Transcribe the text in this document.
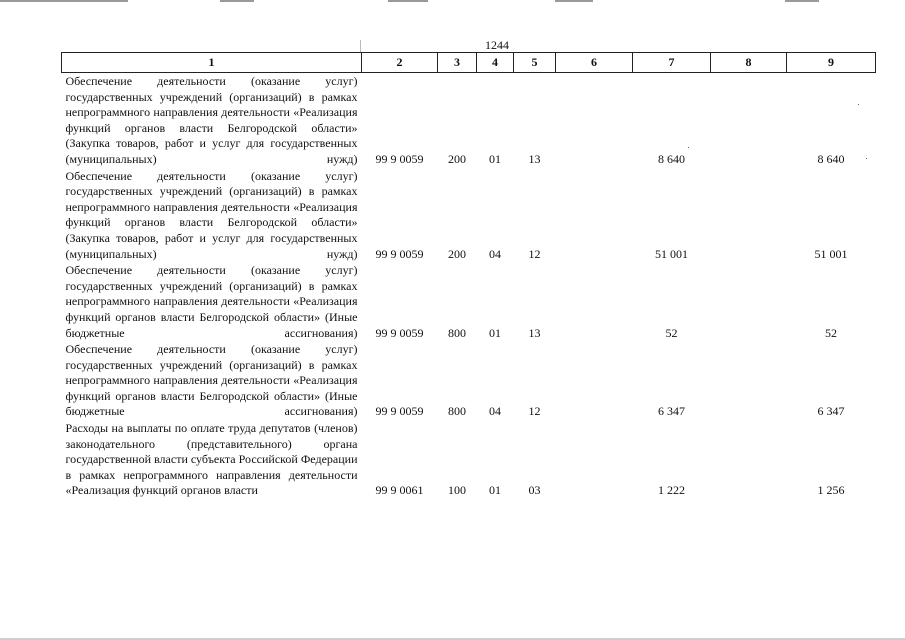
1244
1	2	3	4	5	6	7	8	9
Обеспечение деятельности (оказание услуг) государственных учреждений (организаций) в рамках непрограммного направления деятельности «Реализация функций органов власти Белгородской области» (Закупка товаров, работ и услуг для государственных (муниципальных) нужд)	99 9 0059	200	01	13		8 640		8 640
Обеспечение деятельности (оказание услуг) государственных учреждений (организаций) в рамках непрограммного направления деятельности «Реализация функций органов власти Белгородской области» (Закупка товаров, работ и услуг для государственных (муниципальных) нужд)	99 9 0059	200	04	12		51 001		51 001
Обеспечение деятельности (оказание услуг) государственных учреждений (организаций) в рамках непрограммного направления деятельности «Реализация функций органов власти Белгородской области» (Иные бюджетные ассигнования)	99 9 0059	800	01	13		52		52
Обеспечение деятельности (оказание услуг) государственных учреждений (организаций) в рамках непрограммного направления деятельности «Реализация функций органов власти Белгородской области» (Иные бюджетные ассигнования)	99 9 0059	800	04	12		6 347		6 347
Расходы на выплаты по оплате труда депутатов (членов) законодательного (представительного) органа государственной власти субъекта Российской Федерации в рамках непрограммного направления деятельности «Реализация функций органов власти	99 9 0061	100	01	03		1 222		1 256
